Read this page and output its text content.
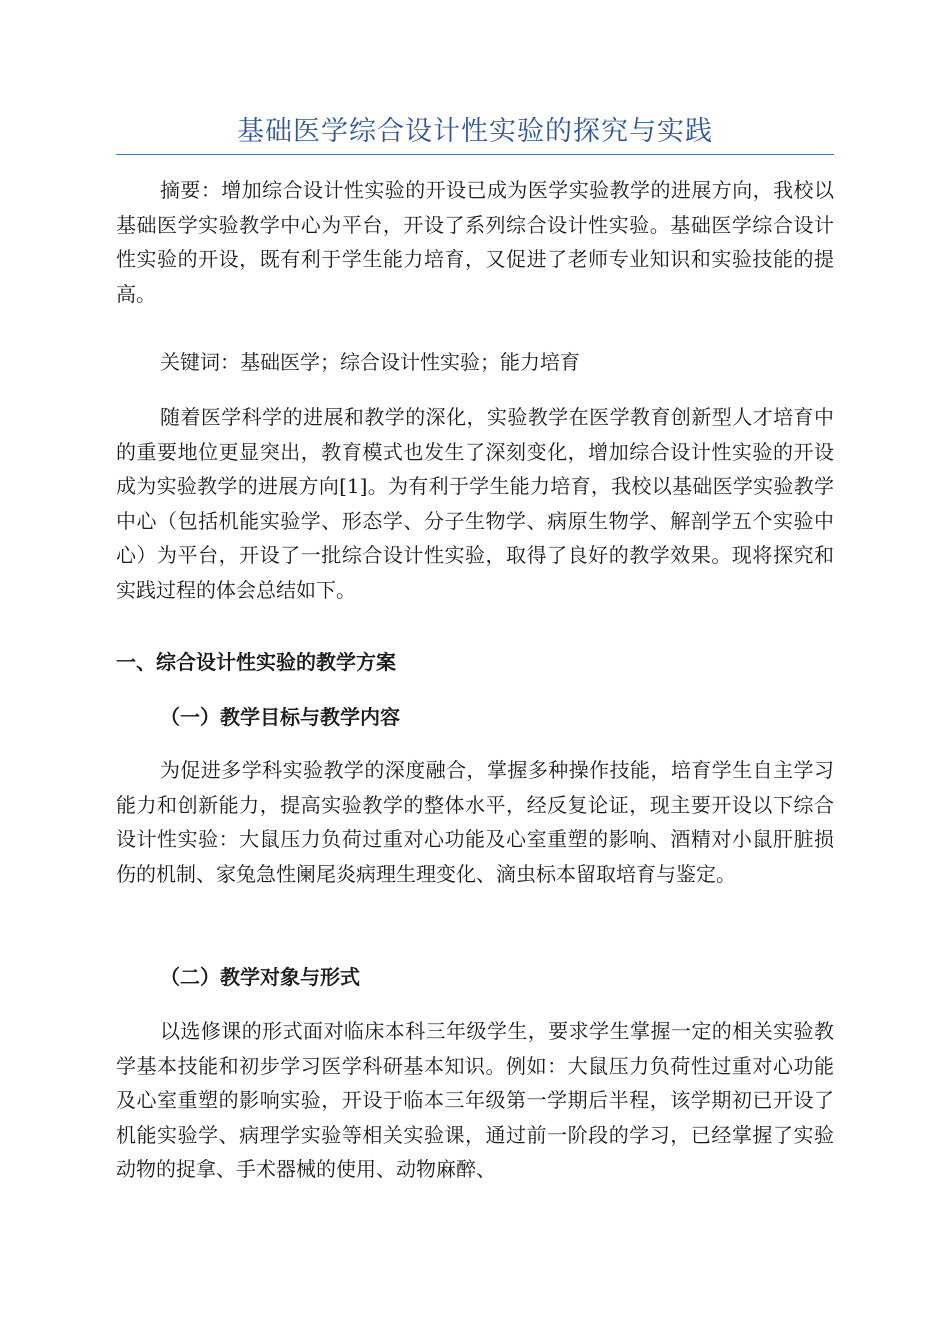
基础医学综合设计性实验的探究与实践

摘要：增加综合设计性实验的开设已成为医学实验教学的进展方向，我校以基础医学实验教学中心为平台，开设了系列综合设计性实验。基础医学综合设计性实验的开设，既有利于学生能力培育，又促进了老师专业知识和实验技能的提高。

关键词：基础医学；综合设计性实验；能力培育

随着医学科学的进展和教学的深化，实验教学在医学教育创新型人才培育中的重要地位更显突出，教育模式也发生了深刻变化，增加综合设计性实验的开设成为实验教学的进展方向[1]。为有利于学生能力培育，我校以基础医学实验教学中心（包括机能实验学、形态学、分子生物学、病原生物学、解剖学五个实验中心）为平台，开设了一批综合设计性实验，取得了良好的教学效果。现将探究和实践过程的体会总结如下。

一、综合设计性实验的教学方案
（一）教学目标与教学内容

为促进多学科实验教学的深度融合，掌握多种操作技能，培育学生自主学习能力和创新能力，提高实验教学的整体水平，经反复论证，现主要开设以下综合设计性实验：大鼠压力负荷过重对心功能及心室重塑的影响、酒精对小鼠肝脏损伤的机制、家兔急性阑尾炎病理生理变化、滴虫标本留取培育与鉴定。

（二）教学对象与形式

以选修课的形式面对临床本科三年级学生，要求学生掌握一定的相关实验教学基本技能和初步学习医学科研基本知识。例如：大鼠压力负荷性过重对心功能及心室重塑的影响实验，开设于临本三年级第一学期后半程，该学期初已开设了机能实验学、病理学实验等相关实验课，通过前一阶段的学习，已经掌握了实验动物的捉拿、手术器械的使用、动物麻醉、
